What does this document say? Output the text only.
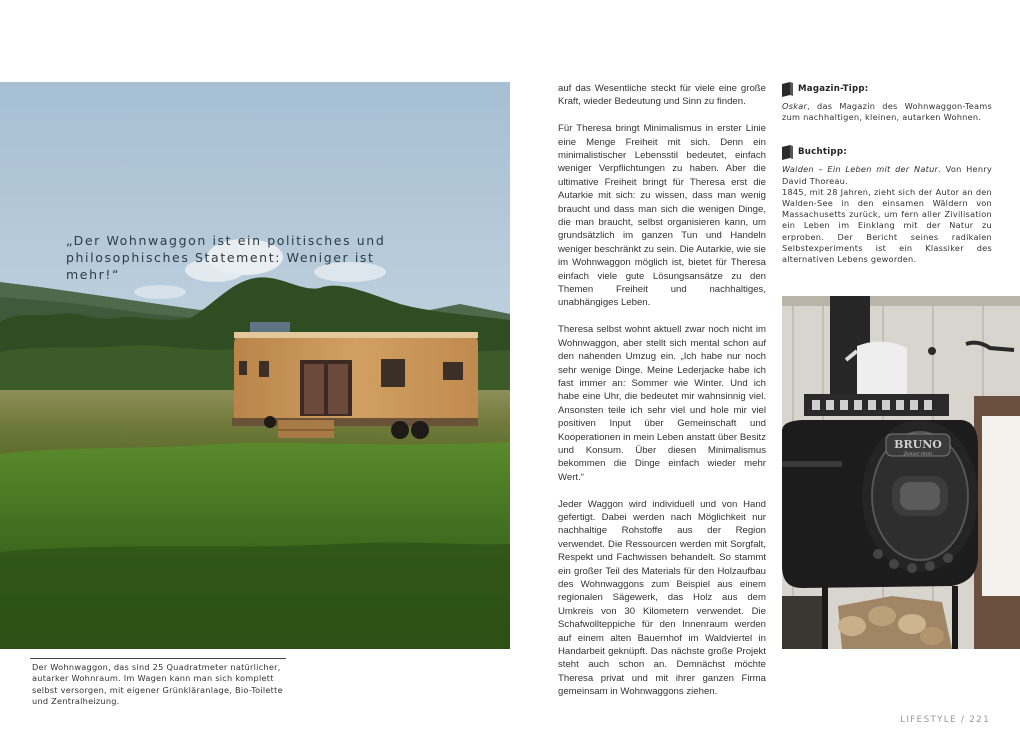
„Der Wohnwaggon ist ein politisches und philosophisches Statement: Weniger ist mehr!“

Der Wohnwaggon, das sind 25 Quadratmeter natürlicher, autarker Wohnraum. Im Wagen kann man sich komplett selbst versorgen, mit eigener Grünkläranlage, Bio-Toilette und Zentralheizung.

auf das Wesentliche steckt für viele eine große Kraft, wieder Bedeutung und Sinn zu finden.

Für Theresa bringt Minimalismus in erster Linie eine Menge Freiheit mit sich. Denn ein minimalistischer Lebensstil bedeutet, einfach weniger Verpflichtungen zu haben. Aber die ultimative Freiheit bringt für Theresa erst die Autarkie mit sich: zu wissen, dass man wenig braucht und dass man sich die wenigen Dinge, die man braucht, selbst organisieren kann, um grundsätzlich im ganzen Tun und Handeln weniger beschränkt zu sein. Die Autarkie, wie sie im Wohnwaggon möglich ist, bietet für Theresa einfach viele gute Lösungsansätze zu den Themen Freiheit und nachhaltiges, unabhängiges Leben.

Theresa selbst wohnt aktuell zwar noch nicht im Wohnwaggon, aber stellt sich mental schon auf den nahenden Umzug ein. „Ich habe nur noch sehr wenige Dinge. Meine Lederjacke habe ich fast immer an: Sommer wie Winter. Und ich habe eine Uhr, die bedeutet mir wahnsinnig viel. Ansonsten teile ich sehr viel und hole mir viel positiven Input über Gemeinschaft und Kooperationen in mein Leben anstatt über Besitz und Konsum. Über diesen Minimalismus bekommen die Dinge einfach wieder mehr Wert.“

Jeder Waggon wird individuell und von Hand gefertigt. Dabei werden nach Möglichkeit nur nachhaltige Rohstoffe aus der Region verwendet. Die Ressourcen werden mit Sorgfalt, Respekt und Fachwissen behandelt. So stammt ein großer Teil des Materials für den Holzaufbau des Wohnwaggons zum Beispiel aus einem regionalen Sägewerk, das Holz aus dem Umkreis von 30 Kilometern verwendet. Die Schafwollteppiche für den Innenraum werden auf einem alten Bauernhof im Waldviertel in Handarbeit geknüpft. Das nächste große Projekt steht auch schon an. Demnächst möchte Theresa privat und mit ihrer ganzen Firma gemeinsam in Wohnwaggons ziehen.

Magazin-Tipp:

Oskar, das Magazin des Wohnwaggon-Teams zum nachhaltigen, kleinen, autarken Wohnen.

Buchtipp:

Walden – Ein Leben mit der Natur. Von Henry David Thoreau.

1845, mit 28 Jahren, zieht sich der Autor an den Walden-See in den einsamen Wäldern von Massachusetts zurück, um fern aller Zivilisation ein Leben im Einklang mit der Natur zu erproben. Der Bericht seines radikalen Selbstexperiments ist ein Klassiker des alternativen Lebens geworden.

BRUNO
Junior mini
LIFESTYLE / 221
